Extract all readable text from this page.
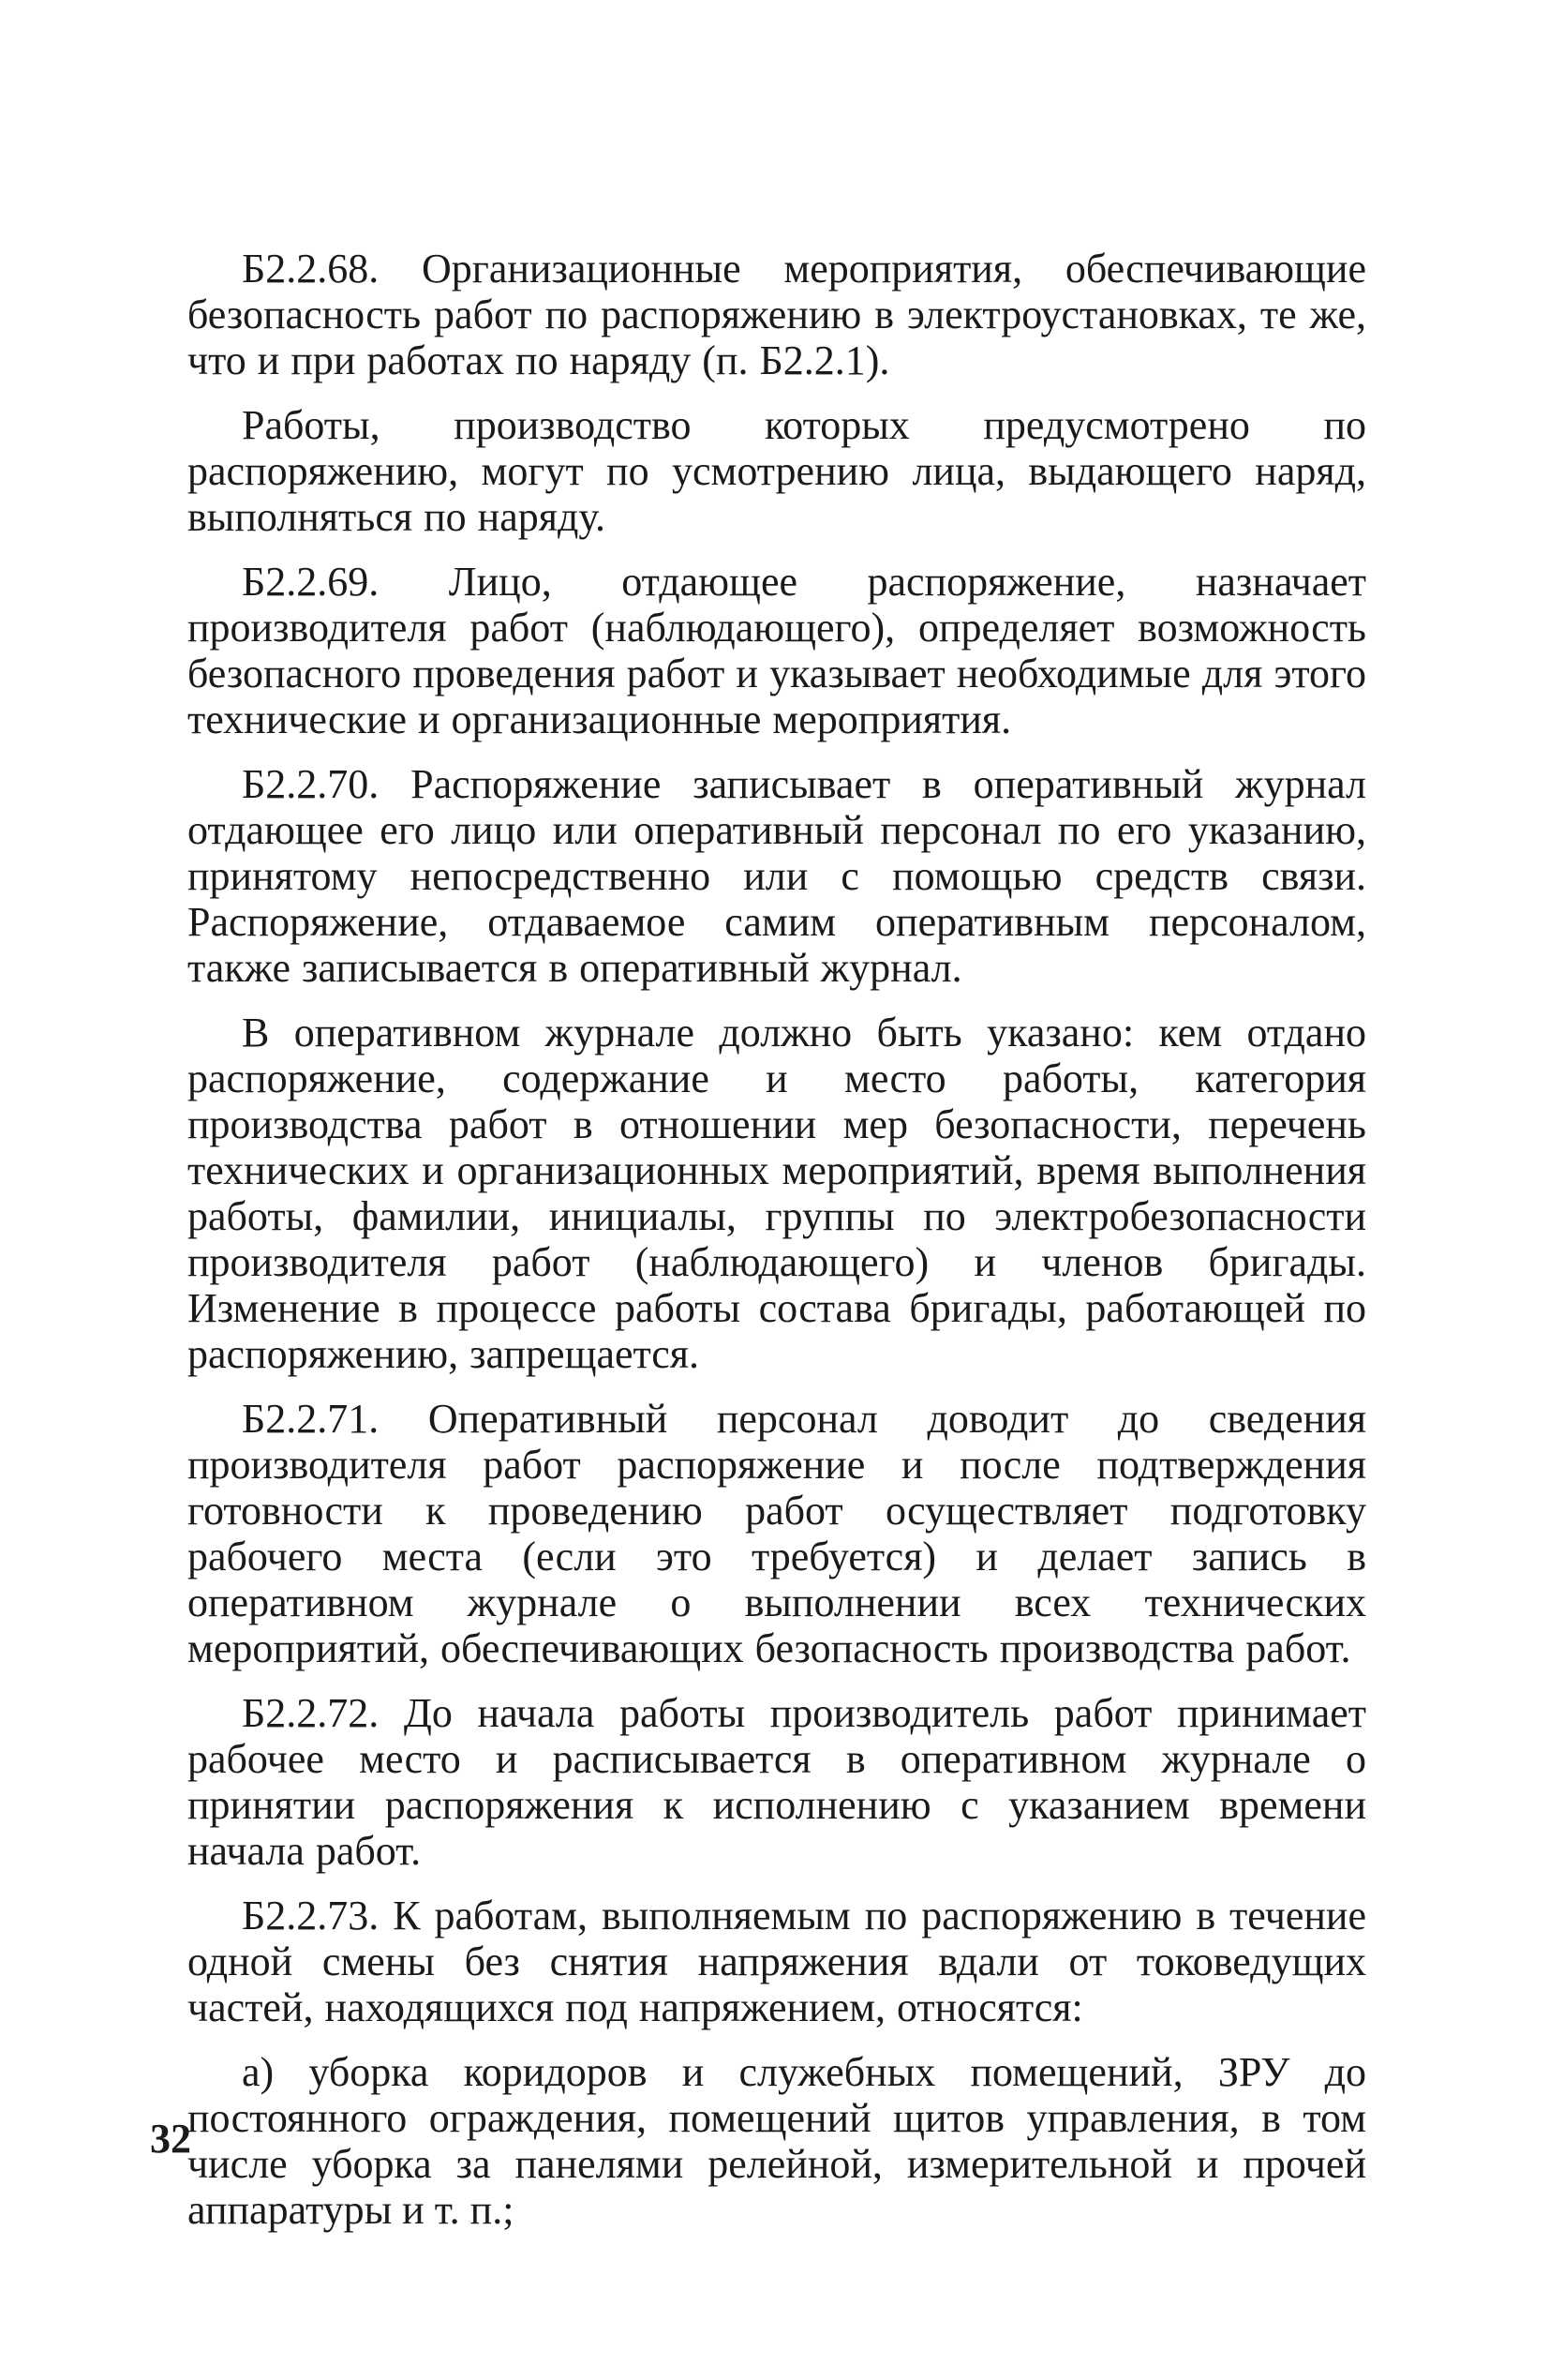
Б2.2.68. Организационные мероприятия, обеспечивающие безопасность работ по распоряжению в электроустановках, те же, что и при работах по наряду (п. Б2.2.1).

Работы, производство которых предусмотрено по распоряжению, могут по усмотрению лица, выдающего наряд, выполняться по наряду.

Б2.2.69. Лицо, отдающее распоряжение, назначает производителя работ (наблюдающего), определяет возможность безопасного проведения работ и указывает необходимые для этого технические и организационные мероприятия.

Б2.2.70. Распоряжение записывает в оперативный журнал отдающее его лицо или оперативный персонал по его указанию, принятому непосредственно или с помощью средств связи. Распоряжение, отдаваемое самим оперативным персоналом, также записывается в оперативный журнал.

В оперативном журнале должно быть указано: кем отдано распоряжение, содержание и место работы, категория производства работ в отношении мер безопасности, перечень технических и организационных мероприятий, время выполнения работы, фамилии, инициалы, группы по электробезопасности производителя работ (наблюдающего) и членов бригады. Изменение в процессе работы состава бригады, работающей по распоряжению, запрещается.

Б2.2.71. Оперативный персонал доводит до сведения производителя работ распоряжение и после подтверждения готовности к проведению работ осуществляет подготовку рабочего места (если это требуется) и делает запись в оперативном журнале о выполнении всех технических мероприятий, обеспечивающих безопасность производства работ.

Б2.2.72. До начала работы производитель работ принимает рабочее место и расписывается в оперативном журнале о принятии распоряжения к исполнению с указанием времени начала работ.

Б2.2.73. К работам, выполняемым по распоряжению в течение одной смены без снятия напряжения вдали от токоведущих частей, находящихся под напряжением, относятся:

а) уборка коридоров и служебных помещений, ЗРУ до постоянного ограждения, помещений щитов управления, в том числе уборка за панелями релейной, измерительной и прочей аппаратуры и т. п.;

32
